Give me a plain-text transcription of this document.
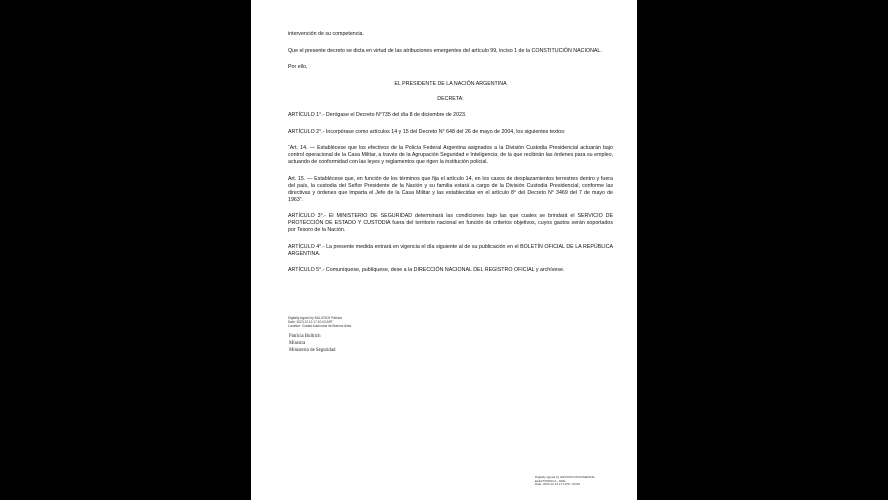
intervención de su competencia.

Que el presente decreto se dicta en virtud de las atribuciones emergentes del artículo 99, inciso 1 de la CONSTITUCIÓN NACIONAL.

Por ello,

EL PRESIDENTE DE LA NACIÓN ARGENTINA

DECRETA:

ARTÍCULO 1°.- Derógase el Decreto N°735 del día 8 de diciembre de 2023.

ARTÍCULO 2°.- Incorpórase como artículos 14 y 15 del Decreto N° 648 del 26 de mayo de 2004, los siguientes textos:

“Art. 14. — Establécese que los efectivos de la Policía Federal Argentina asignados a la División Custodia Presidencial actuarán bajo control operacional de la Casa Militar, a través de la Agrupación Seguridad e Inteligencia; de la que recibirán las órdenes para su empleo, actuando de conformidad con las leyes y reglamentos que rigen la institución policial.

Art. 15. — Establécese que, en función de los términos que fija el artículo 14, en los casos de desplazamientos terrestres dentro y fuera del país, la custodia del Señor Presidente de la Nación y su familia estará a cargo de la División Custodia Presidencial, conforme las directivas y órdenes que imparta el Jefe de la Casa Militar y las establecidas en el artículo 8° del Decreto N° 3469 del 7 de mayo de 1963”.

ARTÍCULO 3°.- El MINISTERIO DE SEGURIDAD determinará las condiciones bajo las que cuales se brindará el SERVICIO DE PROTECCIÓN DE ESTADO Y CUSTODIA fuera del territorio nacional en función de criterios objetivos, cuyos gastos serán soportados por Tesoro de la Nación.

ARTÍCULO 4°.- La presente medida entrará en vigencia el día siguiente al de su publicación en el BOLETÍN OFICIAL DE LA REPÚBLICA ARGENTINA.

ARTÍCULO 5°.- Comuníquese, publíquese, dese a la DIRECCIÓN NACIONAL DEL REGISTRO OFICIAL y archívese.

Digitally signed by BULLRICH Patricia
Date: 2023.12.13 17:10:03 ART
Location: Ciudad Autónoma de Buenos Aires
Patricia Bullrich
Ministra
Ministerio de Seguridad
Digitally signed by GESTION DOCUMENTAL
ELECTRONICA - GDE
Date: 2023.12.13 17:10:57 -03:00
